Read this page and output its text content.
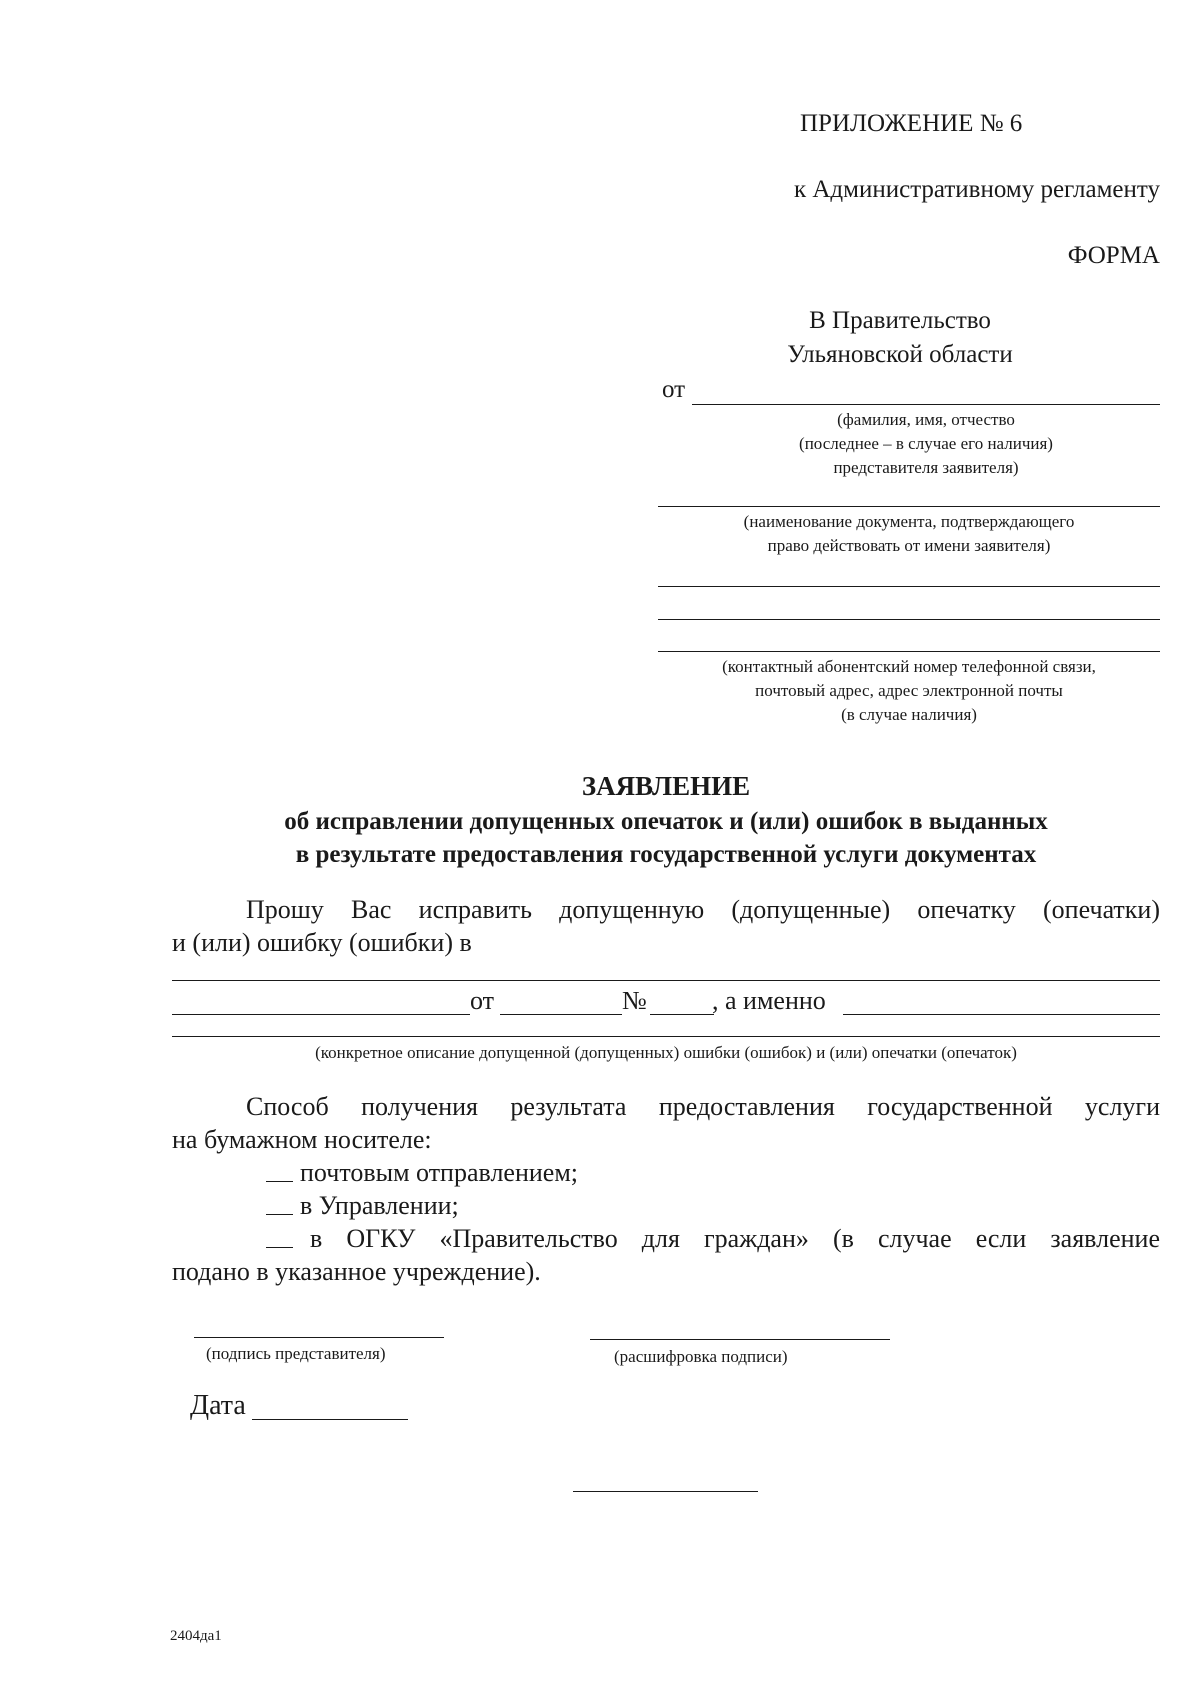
ПРИЛОЖЕНИЕ № 6
к Административному регламенту
ФОРМА
В Правительство
Ульяновской области
от
(фамилия, имя, отчество
(последнее – в случае его наличия)
представителя заявителя)
(наименование документа, подтверждающего
право действовать от имени заявителя)
(контактный абонентский номер телефонной связи,
почтовый адрес, адрес электронной почты
(в случае наличия)
ЗАЯВЛЕНИЕ
об исправлении допущенных опечаток и (или) ошибок в выданных
в результате предоставления государственной услуги документах
Прошу Вас исправить допущенную (допущенные) опечатку (опечатки)
и (или) ошибку (ошибки) в
от	№	, а именно
(конкретное описание допущенной (допущенных) ошибки (ошибок) и (или) опечатки (опечаток)
Способ получения результата предоставления государственной услуги
на бумажном носителе:
почтовым отправлением;
в Управлении;
в ОГКУ «Правительство для граждан» (в случае если заявление
подано в указанное учреждение).
(подпись представителя)	(расшифровка подписи)
Дата
2404да1
